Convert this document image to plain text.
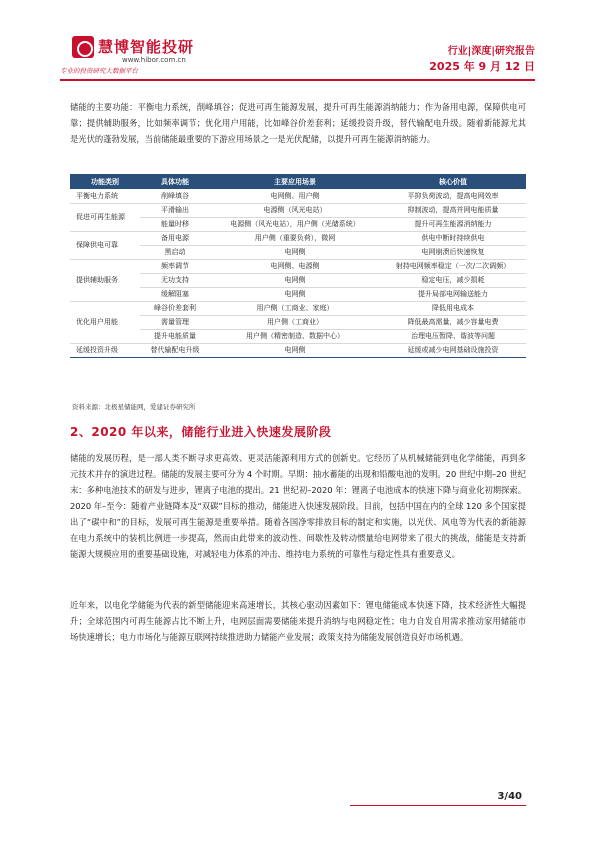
慧博智能投研
www.hibor.com.cn
专业的投资研究大数据平台
行业|深度|研究报告
2025 年 9 月 12 日

储能的主要功能：平衡电力系统，削峰填谷；促进可再生能源发展，提升可再生能源消纳能力；作为备用电源，保障供电可靠；提供辅助服务，比如频率调节；优化用户用能，比如峰谷价差套利；延缓投资升级，替代输配电升级。随着新能源尤其是光伏的蓬勃发展，当前储能最重要的下游应用场景之一是光伏配储，以提升可再生能源消纳能力。

功能类别	具体功能	主要应用场景	核心价值
平衡电力系统	削峰填谷	电网侧、用户侧	平抑负荷波动，提高电网效率
促进可再生能源	平滑输出	电源侧（风光电站）	抑制波动，提高并网电能质量
	能量时移	电源侧（风光电站），用户侧（光储系统）	提升可再生能源消纳能力
保障供电可靠	备用电源	用户侧（重要负荷），微网	供电中断时持续供电
	黑启动	电网侧	电网崩溃后快速恢复
提供辅助服务	频率调节	电网侧、电源侧	射持电网频率稳定（一次/二次调频）
	无功支持	电网侧	稳定电压，减少损耗
	缓解阻塞	电网侧	提升局部电网输送能力
优化用户用能	峰谷价差套利	用户侧（工商业、家庭）	降低用电成本
	需量管理	用户侧（工商业）	降低最高需量，减少容量电费
	提升电能质量	用户侧（精密制造、数据中心）	治理电压暂降、谐波等问题
延缓投资升级	替代输配电升级	电网侧	延缓或减少电网基础设施投资
资料来源：北极星储能网，爱建证券研究所
2、2020 年以来，储能行业进入快速发展阶段

储能的发展历程，是一部人类不断寻求更高效、更灵活能源利用方式的创新史。它经历了从机械储能到电化学储能，再到多元技术并存的演进过程。储能的发展主要可分为 4 个时期。早期：抽水蓄能的出现和铅酸电池的发明。20 世纪中期–20 世纪末：多种电池技术的研发与进步，锂离子电池的提出。21 世纪初–2020 年：锂离子电池成本的快速下降与商业化初期探索。2020 年–至今：随着产业链降本及“双碳”目标的推动，储能进入快速发展阶段。目前，包括中国在内的全球 120 多个国家提出了“碳中和”的目标，发展可再生能源是重要举措。随着各国净零排放目标的制定和实施，以光伏、风电等为代表的新能源在电力系统中的装机比例进一步提高，然而由此带来的波动性、间歇性及转动惯量给电网带来了很大的挑战，储能是支持新能源大规模应用的重要基础设施，对减轻电力体系的冲击、维持电力系统的可靠性与稳定性具有重要意义。

近年来，以电化学储能为代表的新型储能迎来高速增长，其核心驱动因素如下：锂电储能成本快速下降，技术经济性大幅提升；全球范围内可再生能源占比不断上升，电网层面需要储能来提升消纳与电网稳定性；电力自发自用需求推动家用储能市场快速增长；电力市场化与能源互联网持续推进助力储能产业发展；政策支持为储能发展创造良好市场机遇。

3/40
